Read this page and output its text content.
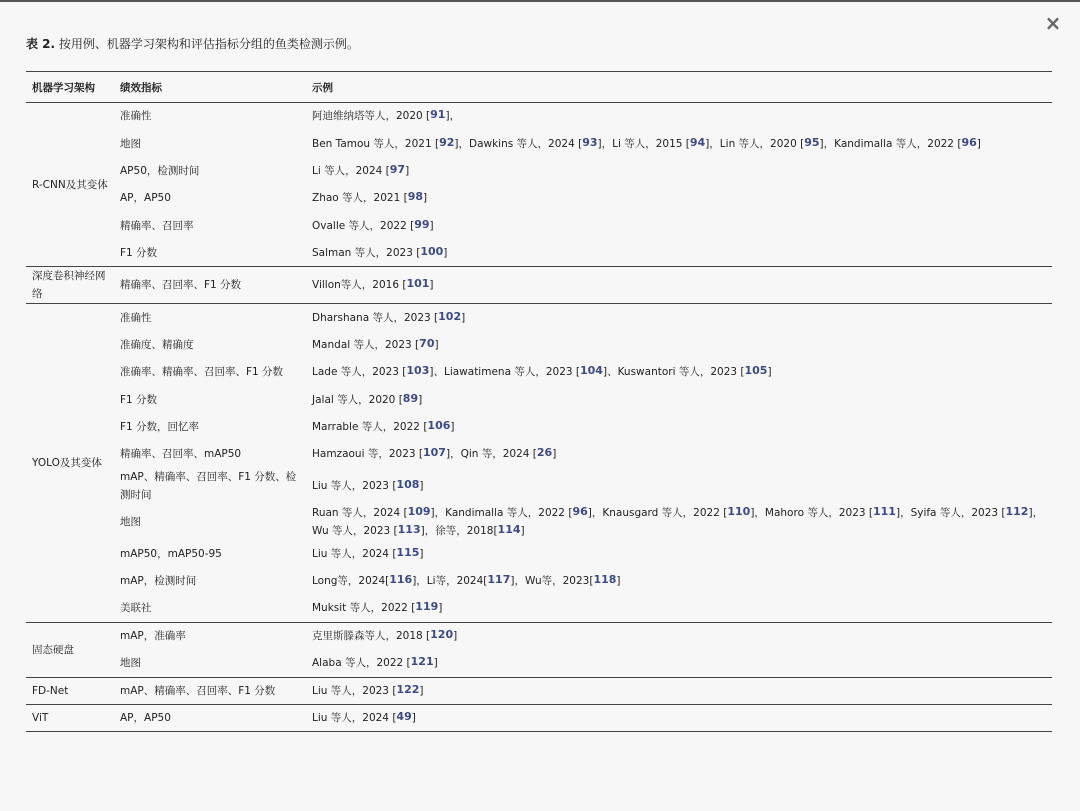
×
表 2. 按用例、机器学习架构和评估指标分组的鱼类检测示例。
机器学习架构	绩效指标	示例
R-CNN及其变体	准确性	阿迪维纳塔等人，2020 [91]，

	地图	Ben Tamou 等人，2021 [92]，Dawkins 等人，2024 [93]，Li 等人，2015 [94]，Lin 等人，2020 [95]，Kandimalla 等人，2022 [96]

	AP50，检测时间	Li 等人，2024 [97]

	AP，AP50	Zhao 等人，2021 [98]

	精确率、召回率	Ovalle 等人，2022 [99]

	F1 分数	Salman 等人，2023 [100]

深度卷积神经网络	精确率、召回率、F1 分数	Villon等人，2016 [101]

YOLO及其变体	准确性	Dharshana 等人，2023 [102]

	准确度、精确度	Mandal 等人，2023 [70]

	准确率、精确率、召回率、F1 分数	Lade 等人，2023 [103]、Liawatimena 等人，2023 [104]、Kuswantori 等人，2023 [105]

	F1 分数	Jalal 等人，2020 [89]

	F1 分数，回忆率	Marrable 等人，2022 [106]

	精确率、召回率、mAP50	Hamzaoui 等，2023 [107]，Qin 等，2024 [26]

	mAP、精确率、召回率、F1 分数、检测时间	Liu 等人，2023 [108]

	地图	Ruan 等人，2024 [109]，Kandimalla 等人，2022 [96]，Knausgard 等人，2022 [110]，Mahoro 等人，2023 [111]，Syifa 等人，2023 [112]，
Wu 等人，2023 [113]，徐等，2018[114]

	mAP50，mAP50-95	Liu 等人，2024 [115]

	mAP，检测时间	Long等，2024[116]，Li等，2024[117]，Wu等，2023[118]

	美联社	Muksit 等人，2022 [119]

固态硬盘	mAP，准确率	克里斯滕森等人，2018 [120]

	地图	Alaba 等人，2022 [121]

FD-Net	mAP、精确率、召回率、F1 分数	Liu 等人，2023 [122]

ViT	AP，AP50	Liu 等人，2024 [49]
